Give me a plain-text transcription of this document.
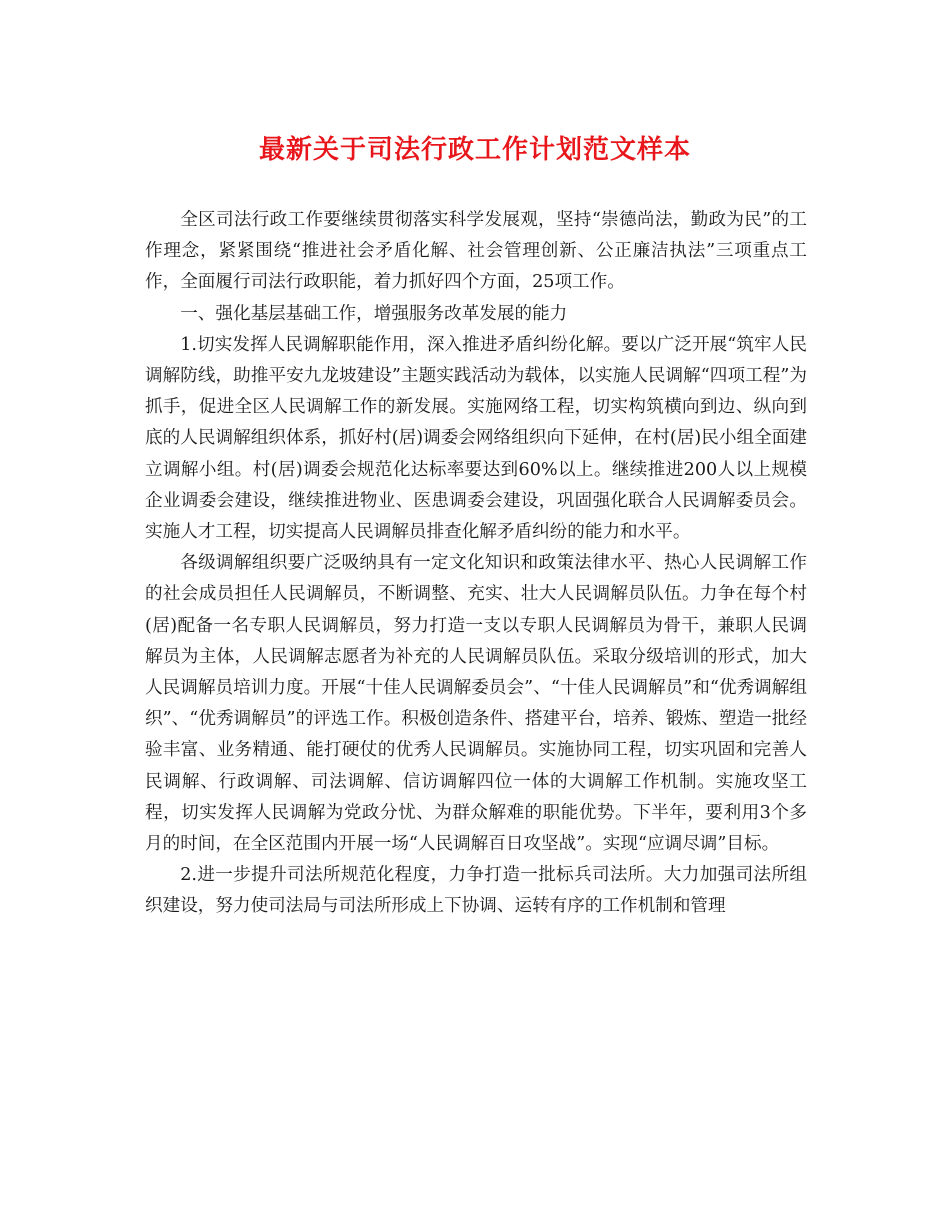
最新关于司法行政工作计划范文样本

全区司法行政工作要继续贯彻落实科学发展观，坚持“崇德尚法，勤政为民”的工作理念，紧紧围绕“推进社会矛盾化解、社会管理创新、公正廉洁执法”三项重点工作，全面履行司法行政职能，着力抓好四个方面，25项工作。

一、强化基层基础工作，增强服务改革发展的能力

1.切实发挥人民调解职能作用，深入推进矛盾纠纷化解。要以广泛开展“筑牢人民调解防线，助推平安九龙坡建设”主题实践活动为载体，以实施人民调解“四项工程”为抓手，促进全区人民调解工作的新发展。实施网络工程，切实构筑横向到边、纵向到底的人民调解组织体系，抓好村(居)调委会网络组织向下延伸，在村(居)民小组全面建立调解小组。村(居)调委会规范化达标率要达到60%以上。继续推进200人以上规模企业调委会建设，继续推进物业、医患调委会建设，巩固强化联合人民调解委员会。实施人才工程，切实提高人民调解员排查化解矛盾纠纷的能力和水平。

各级调解组织要广泛吸纳具有一定文化知识和政策法律水平、热心人民调解工作的社会成员担任人民调解员，不断调整、充实、壮大人民调解员队伍。力争在每个村(居)配备一名专职人民调解员，努力打造一支以专职人民调解员为骨干，兼职人民调解员为主体，人民调解志愿者为补充的人民调解员队伍。采取分级培训的形式，加大人民调解员培训力度。开展“十佳人民调解委员会”、“十佳人民调解员”和“优秀调解组织”、“优秀调解员”的评选工作。积极创造条件、搭建平台，培养、锻炼、塑造一批经验丰富、业务精通、能打硬仗的优秀人民调解员。实施协同工程，切实巩固和完善人民调解、行政调解、司法调解、信访调解四位一体的大调解工作机制。实施攻坚工程，切实发挥人民调解为党政分忧、为群众解难的职能优势。下半年，要利用3个多月的时间，在全区范围内开展一场“人民调解百日攻坚战”。实现“应调尽调”目标。

2.进一步提升司法所规范化程度，力争打造一批标兵司法所。大力加强司法所组织建设，努力使司法局与司法所形成上下协调、运转有序的工作机制和管理
